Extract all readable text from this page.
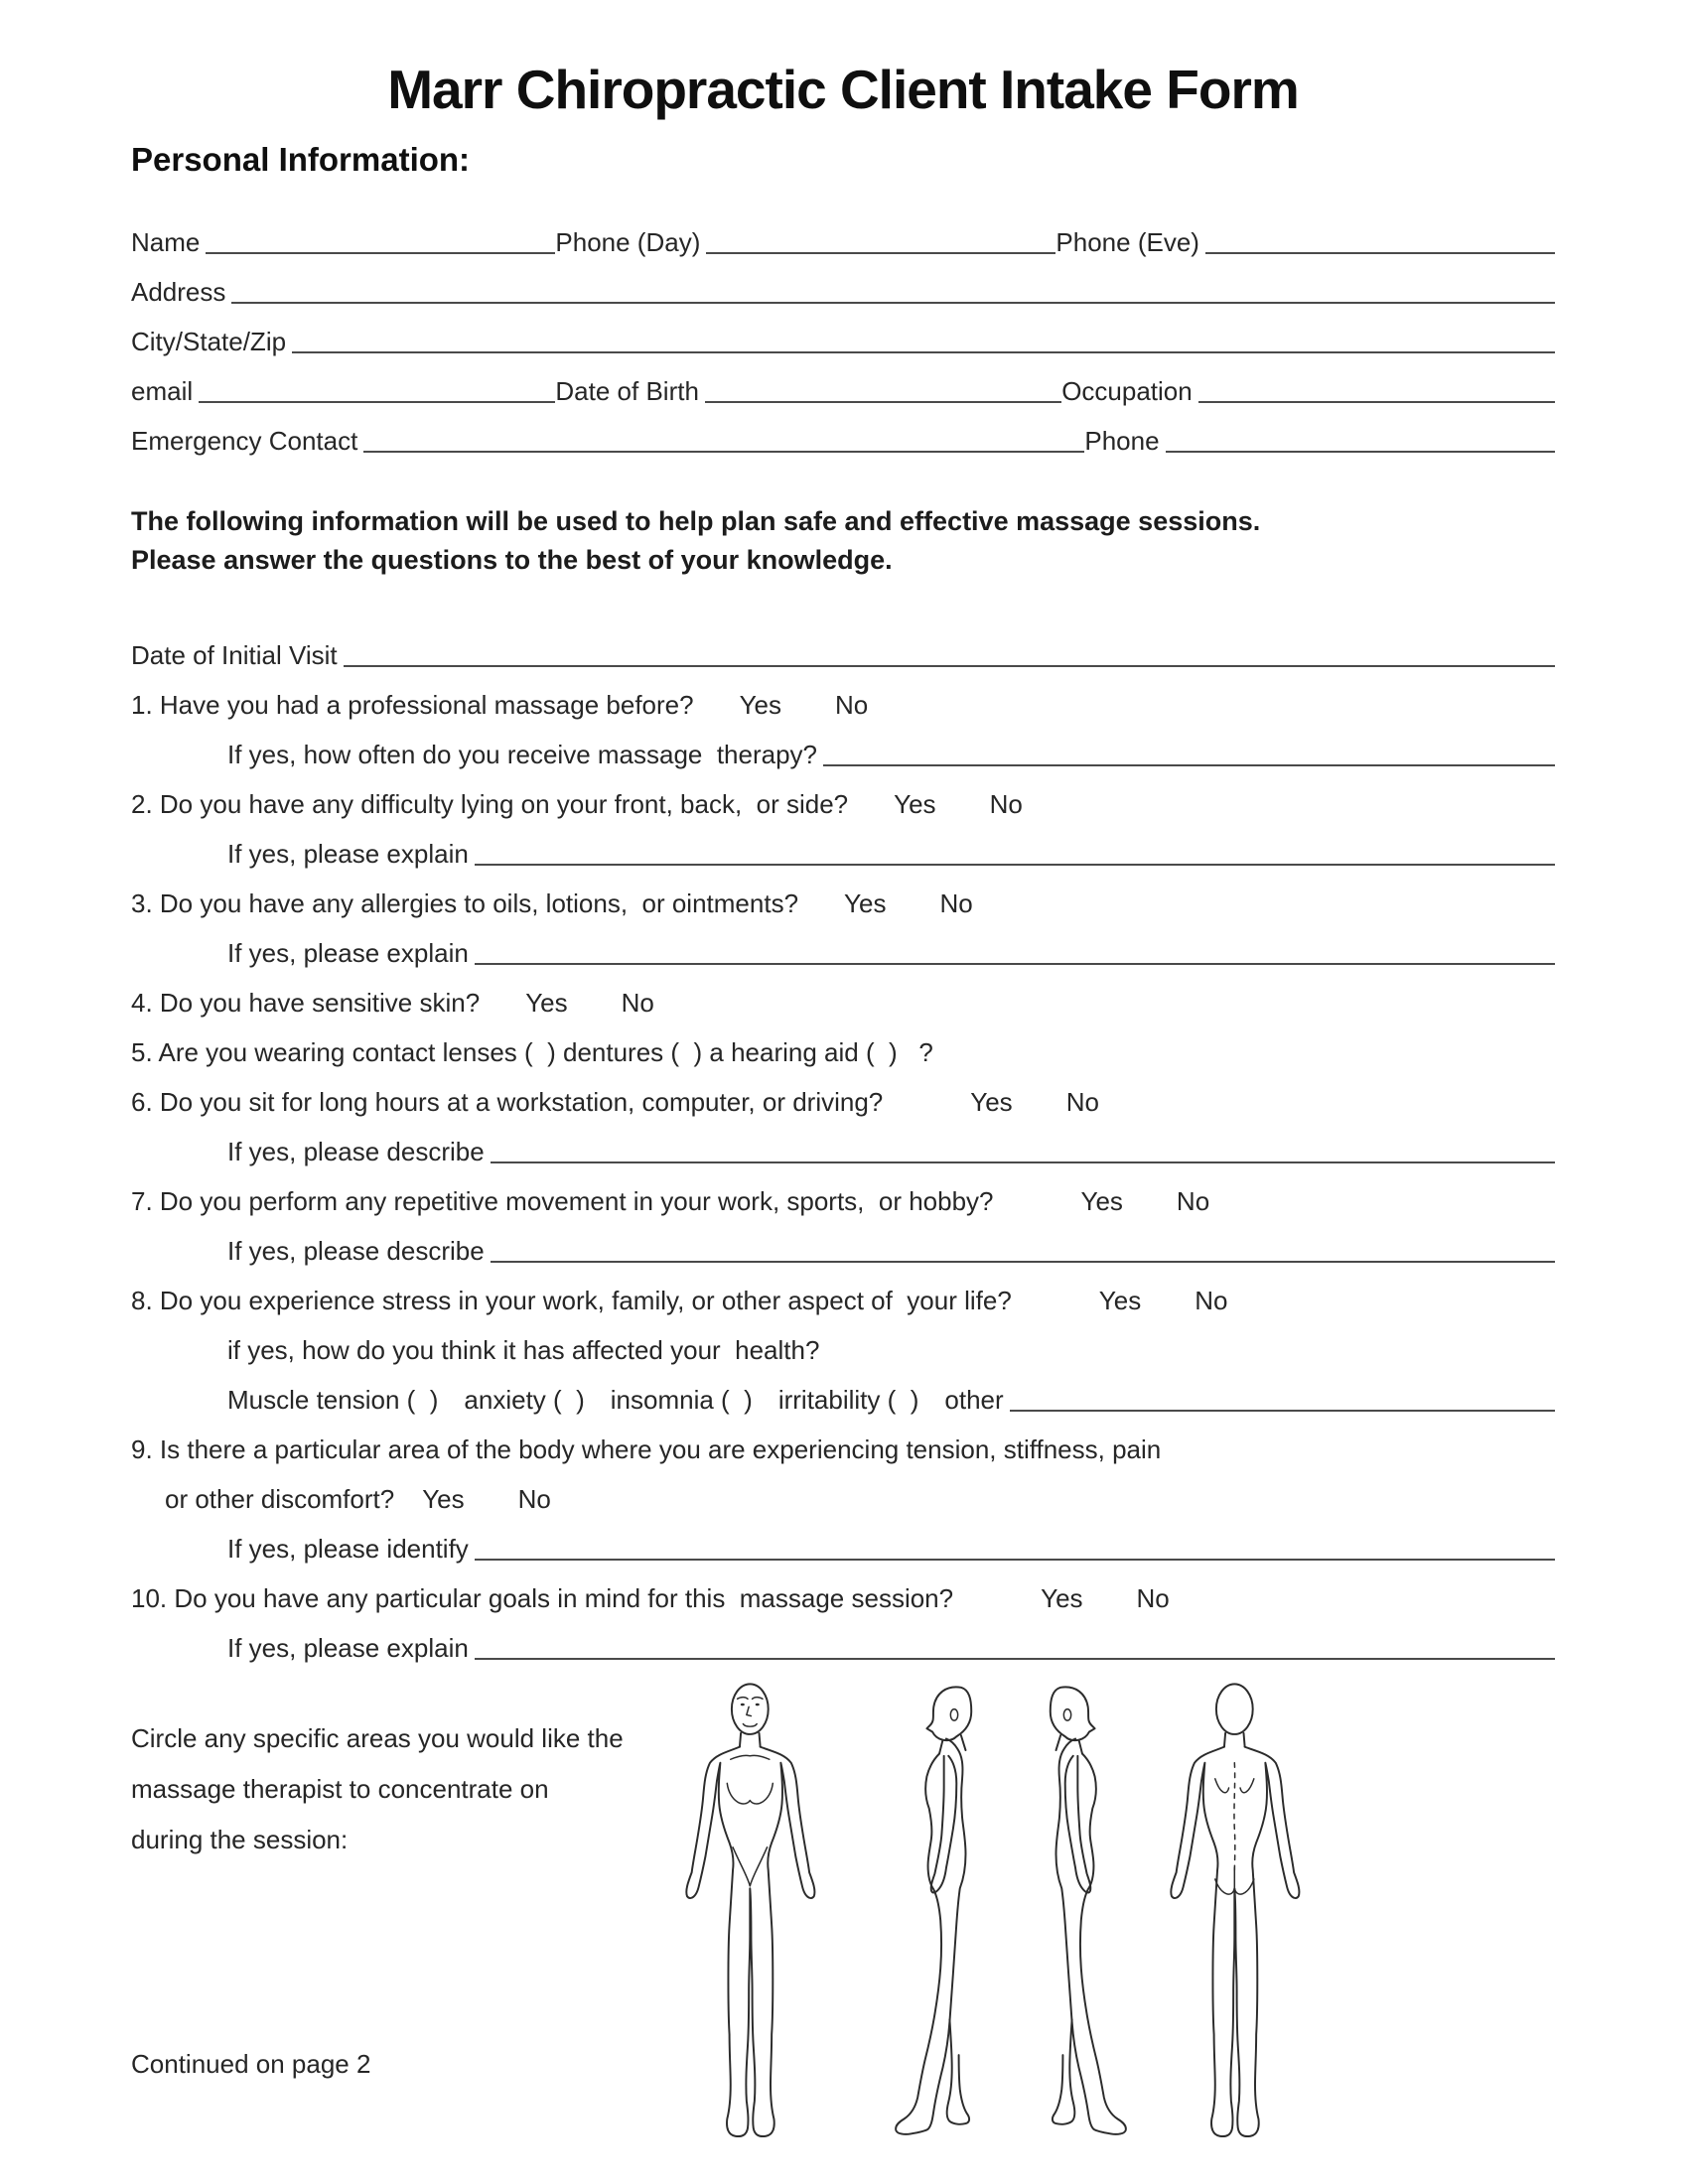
Marr Chiropractic Client Intake Form
Personal Information:
Name	Phone (Day)	Phone (Eve)
Address
City/State/Zip
email	Date of Birth	Occupation
Emergency Contact	Phone
The following information will be used to help plan safe and effective massage sessions.
Please answer the questions to the best of your knowledge.
Date of Initial Visit
1. Have you had a professional massage before? Yes No
If yes, how often do you receive massage  therapy?
2. Do you have any difficulty lying on your front, back,  or side? Yes No
If yes, please explain
3. Do you have any allergies to oils, lotions,  or ointments? Yes No
If yes, please explain
4. Do you have sensitive skin? Yes No
5. Are you wearing contact lenses (  ) dentures (  ) a hearing aid (  )   ?
6. Do you sit for long hours at a workstation, computer, or driving?	Yes No
If yes, please describe
7. Do you perform any repetitive movement in your work, sports,  or hobby?	Yes No
If yes, please describe
8. Do you experience stress in your work, family, or other aspect of  your life?	Yes No
if yes, how do you think it has affected your  health?
Muscle tension (  ) anxiety (  ) insomnia (  ) irritability (  ) other
9. Is there a particular area of the body where you are experiencing tension, stiffness, pain
or other discomfort? Yes No
If yes, please identify
10. Do you have any particular goals in mind for this  massage session?	Yes No
If yes, please explain
Circle any specific areas you would like the
massage therapist to concentrate on
during the session:
Continued on page 2
